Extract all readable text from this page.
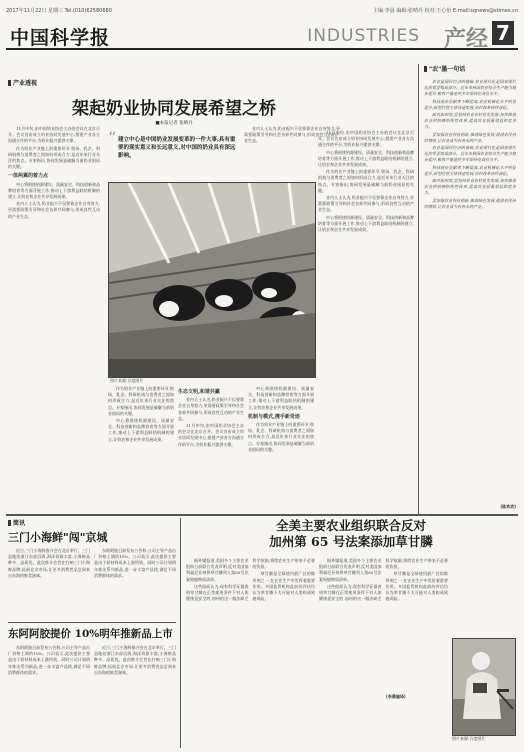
2017年11月22日 星期三 Tel:(010)62580680	主编:李晨 编辑:张晴丹 校对:王心怡 E-mail:sqnews@stimes.cn
中国科学报	INDUSTRIES 产经 7
产业透视
架起奶业协同发展希望之桥
■本报记者 张晴丹

11月中旬,由中国奶业协会主办的会议在北京召开。会议宣布成立奶业协同发展中心,搭建产业各方沟通合作的平台,为奶业振兴提供支撑。

作为奶业产业链上的重要环节,牧场、乳企、科研机构与消费者之间如何形成合力,是近年来行业关注的焦点。专家指出,协同发展是破解当前奶业困局的关键。

一体两翼的着力点

中心将围绕奶源建设、质量安全、科技创新和品牌培育等方面开展工作,推动上下游利益联结机制的建立,让奶农和企业共享发展成果。

业内人士认为,奶业振兴不仅要靠企业自身努力,更需要政策引导和社会各界共同参与,形成良性互动的产业生态。

“ 建立中心是中国奶业发展变革的一件大事,具有重要的现实意义和长远意义,对中国的奶业具有深远影响。
图片来源:百度图片

作为奶业产业链上的重要环节,牧场、乳企、科研机构与消费者之间如何形成合力,是近年来行业关注的焦点。专家指出,协同发展是破解当前奶业困局的关键。

中心将围绕奶源建设、质量安全、科技创新和品牌培育等方面开展工作,推动上下游利益联结机制的建立,让奶农和企业共享发展成果。

生态文明,和谐共赢

业内人士认为,奶业振兴不仅要靠企业自身努力,更需要政策引导和社会各界共同参与,形成良性互动的产业生态。

11月中旬,由中国奶业协会主办的会议在北京召开。会议宣布成立奶业协同发展中心,搭建产业各方沟通合作的平台,为奶业振兴提供支撑。

中心将围绕奶源建设、质量安全、科技创新和品牌培育等方面开展工作,推动上下游利益联结机制的建立,让奶农和企业共享发展成果。

机制与模式,携手新奇迹

作为奶业产业链上的重要环节,牧场、乳企、科研机构与消费者之间如何形成合力,是近年来行业关注的焦点。专家指出,协同发展是破解当前奶业困局的关键。

业内人士认为,奶业振兴不仅要靠企业自身努力,更需要政策引导和社会各界共同参与,形成良性互动的产业生态。

11月中旬,由中国奶业协会主办的会议在北京召开。会议宣布成立奶业协同发展中心,搭建产业各方沟通合作的平台,为奶业振兴提供支撑。

中心将围绕奶源建设、质量安全、科技创新和品牌培育等方面开展工作,推动上下游利益联结机制的建立,让奶农和企业共享发展成果。

作为奶业产业链上的重要环节,牧场、乳企、科研机构与消费者之间如何形成合力,是近年来行业关注的焦点。专家指出,协同发展是破解当前奶业困局的关键。

业内人士认为,奶业振兴不仅要靠企业自身努力,更需要政策引导和社会各界共同参与,形成良性互动的产业生态。

中心将围绕奶源建设、质量安全、科技创新和品牌培育等方面开展工作,推动上下游利益联结机制的建立,让奶农和企业共享发展成果。

"农"墨一句话

农业是国民经济的基础,农业现代化是国家现代化的重要组成部分。近年来我国农业综合生产能力稳步提升,粮食产量连续多年保持在高位水平。

科技进步贡献率不断提高,农业机械化水平明显提升,新型经营主体快速发展,农村改革持续深化。

面对新形势,要坚持农业农村优先发展,加快推进农业供给侧结构性改革,提高农业质量效益和竞争力。

要加强农业科技创新,推进绿色发展,促进农民持续增收,让农业成为有奔头的产业。

农业是国民经济的基础,农业现代化是国家现代化的重要组成部分。近年来我国农业综合生产能力稳步提升,粮食产量连续多年保持在高位水平。

科技进步贡献率不断提高,农业机械化水平明显提升,新型经营主体快速发展,农村改革持续深化。

面对新形势,要坚持农业农村优先发展,加快推进农业供给侧结构性改革,提高农业质量效益和竞争力。

要加强农业科技创新,推进绿色发展,促进农民持续增收,让农业成为有奔头的产业。

(陈欢欢)
简讯
三门小海鲜"闯"京城

近日,三门小海鲜推介会在北京举行。三门县地处浙江东部沿海,海洋资源丰富,小海鲜品种多、品质优。此次推介会旨在打响三门小海鲜品牌,拓展北京市场,让更多消费者品尝到来自东海的鲜美滋味。

东阿阿胶日前发布公告称,公司主导产品出厂价格上调约10%。公司表示,此次提价主要是由于原材料成本上涨所致。同时公司计划明年推出系列新品,进一步丰富产品线,满足不同消费群体的需求。

东阿阿胶提价 10%明年推新品上市

东阿阿胶日前发布公告称,公司主导产品出厂价格上调约10%。公司表示,此次提价主要是由于原材料成本上涨所致。同时公司计划明年推出系列新品,进一步丰富产品线,满足不同消费群体的需求。

近日,三门小海鲜推介会在北京举行。三门县地处浙江东部沿海,海洋资源丰富,小海鲜品种多、品质优。此次推介会旨在打响三门小海鲜品牌,拓展北京市场,让更多消费者品尝到来自东海的鲜美滋味。

全美主要农业组织联合反对
加州第 65 号法案添加草甘膦

据外媒报道,美国多个主要农业组织日前联合发表声明,反对美国加利福尼亚州将草甘膦列入第65号法案致癌物质清单。

这些组织认为,现有科学证据表明草甘膦在正常使用条件下对人体健康是安全的,加州的这一做法缺乏科学依据,将给农业生产带来不必要的负担。

草甘膦是全球使用最广泛的除草剂之一,在农业生产中发挥着重要作用。多国监管机构此前的评估均认为草甘膦不太可能对人类构成致癌风险。

据外媒报道,美国多个主要农业组织日前联合发表声明,反对美国加利福尼亚州将草甘膦列入第65号法案致癌物质清单。

这些组织认为,现有科学证据表明草甘膦在正常使用条件下对人体健康是安全的,加州的这一做法缺乏科学依据,将给农业生产带来不必要的负担。

草甘膦是全球使用最广泛的除草剂之一,在农业生产中发挥着重要作用。多国监管机构此前的评估均认为草甘膦不太可能对人类构成致癌风险。

(李晨编译)
图片来源:百度图片
